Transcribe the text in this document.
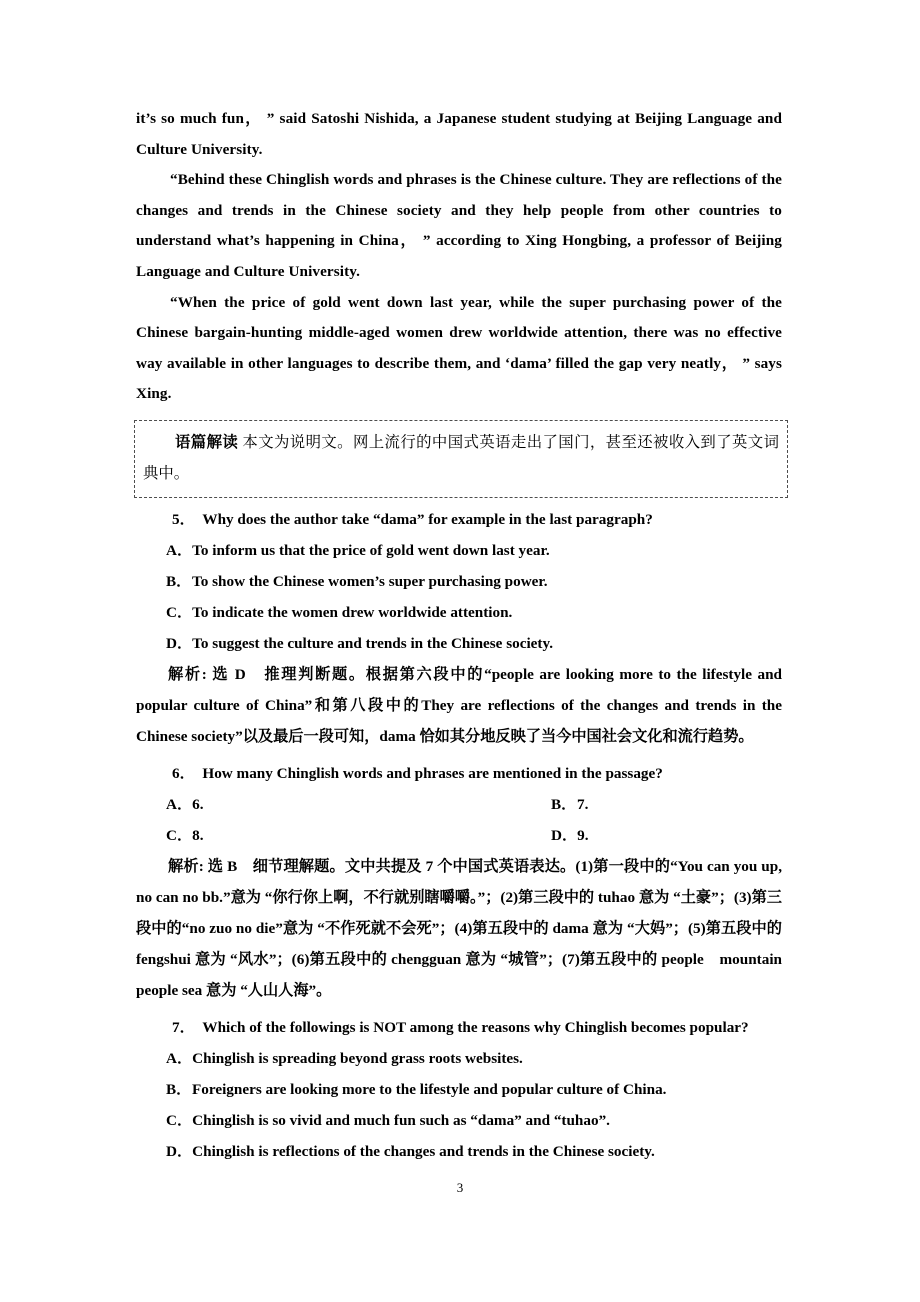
it’s so much fun， ” said Satoshi Nishida, a Japanese student studying at Beijing Language and Culture University.

“Behind these Chinglish words and phrases is the Chinese culture. They are reflections of the changes and trends in the Chinese society and they help people from other countries to understand what’s happening in China， ” according to Xing Hongbing, a professor of Beijing Language and Culture University.

“When the price of gold went down last year, while the super purchasing power of the Chinese bargain-hunting middle-aged women drew worldwide attention, there was no effective way available in other languages to describe them, and ‘dama’ filled the gap very neatly， ” says Xing.

语篇解读 本文为说明文。网上流行的中国式英语走出了国门，甚至还被收入到了英文词典中。

5． Why does the author take “dama” for example in the last paragraph?

A．To inform us that the price of gold went down last year.

B．To show the Chinese women’s super purchasing power.

C．To indicate the women drew worldwide attention.

D．To suggest the culture and trends in the Chinese society.

解析: 选 D　推理判断题。根据第六段中的“people are looking more to the lifestyle and popular culture of China”和第八段中的They are reflections of the changes and trends in the Chinese society”以及最后一段可知，dama 恰如其分地反映了当今中国社会文化和流行趋势。

6． How many Chinglish words and phrases are mentioned in the passage?

A．6.	B．7.
C．8.	D．9.

解析: 选 B　细节理解题。文中共提及 7 个中国式英语表达。(1)第一段中的“You can you up, no can no bb.”意为 “你行你上啊，不行就别瞎嚼嚼。”；(2)第三段中的 tuhao 意为 “土豪”；(3)第三段中的“no zuo no die”意为 “不作死就不会死”；(4)第五段中的 dama 意为 “大妈”；(5)第五段中的 fengshui 意为 “风水”；(6)第五段中的 chengguan 意为 “城管”；(7)第五段中的 people　mountain people sea 意为 “人山人海”。

7． Which of the followings is NOT among the reasons why Chinglish becomes popular?

A．Chinglish is spreading beyond grass roots websites.

B．Foreigners are looking more to the lifestyle and popular culture of China.

C．Chinglish is so vivid and much fun such as “dama” and “tuhao”.

D．Chinglish is reflections of the changes and trends in the Chinese society.

3
